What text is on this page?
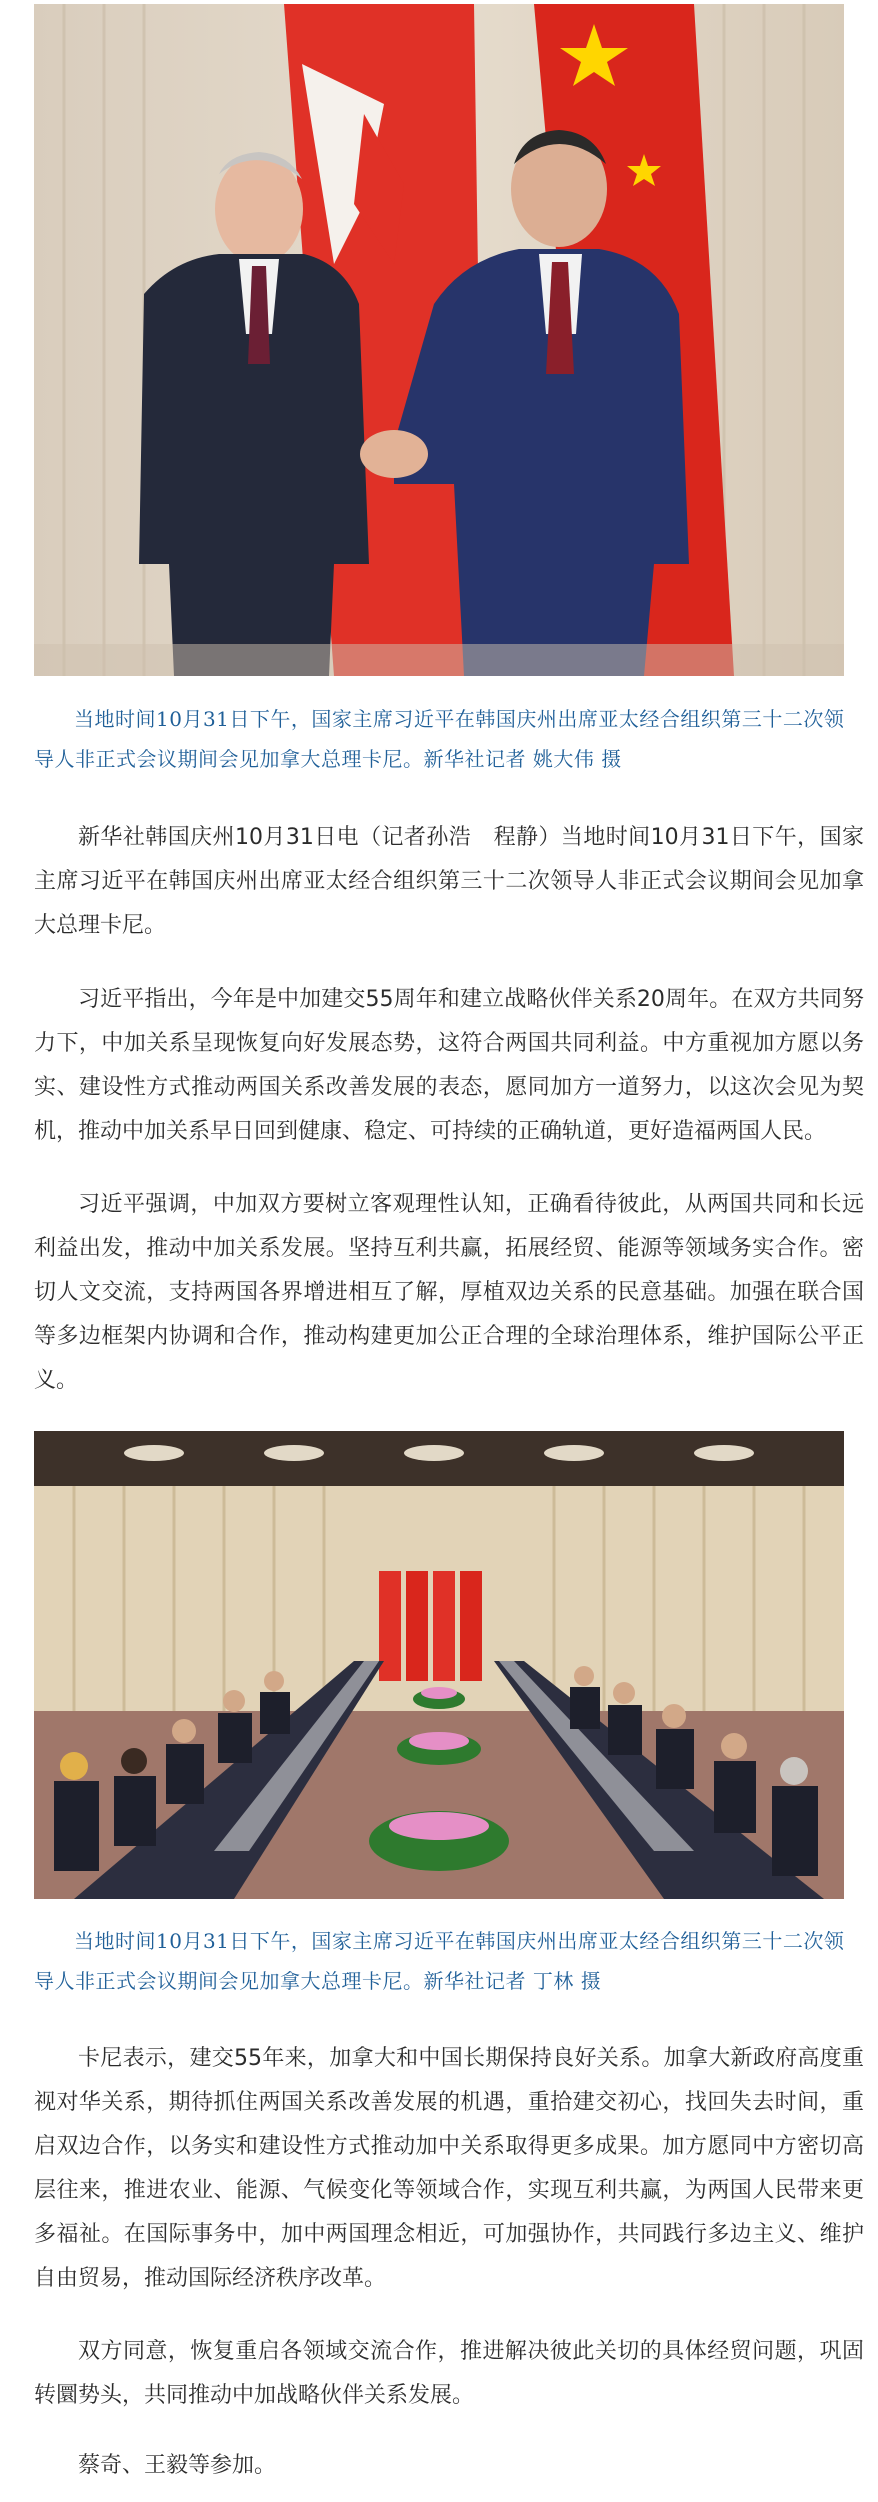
当地时间10月31日下午，国家主席习近平在韩国庆州出席亚太经合组织第三十二次领导人非正式会议期间会见加拿大总理卡尼。新华社记者 姚大伟 摄

新华社韩国庆州10月31日电（记者孙浩　程静）当地时间10月31日下午，国家主席习近平在韩国庆州出席亚太经合组织第三十二次领导人非正式会议期间会见加拿大总理卡尼。

习近平指出，今年是中加建交55周年和建立战略伙伴关系20周年。在双方共同努力下，中加关系呈现恢复向好发展态势，这符合两国共同利益。中方重视加方愿以务实、建设性方式推动两国关系改善发展的表态，愿同加方一道努力，以这次会见为契机，推动中加关系早日回到健康、稳定、可持续的正确轨道，更好造福两国人民。

习近平强调，中加双方要树立客观理性认知，正确看待彼此，从两国共同和长远利益出发，推动中加关系发展。坚持互利共赢，拓展经贸、能源等领域务实合作。密切人文交流，支持两国各界增进相互了解，厚植双边关系的民意基础。加强在联合国等多边框架内协调和合作，推动构建更加公正合理的全球治理体系，维护国际公平正义。

当地时间10月31日下午，国家主席习近平在韩国庆州出席亚太经合组织第三十二次领导人非正式会议期间会见加拿大总理卡尼。新华社记者 丁林 摄

卡尼表示，建交55年来，加拿大和中国长期保持良好关系。加拿大新政府高度重视对华关系，期待抓住两国关系改善发展的机遇，重拾建交初心，找回失去时间，重启双边合作，以务实和建设性方式推动加中关系取得更多成果。加方愿同中方密切高层往来，推进农业、能源、气候变化等领域合作，实现互利共赢，为两国人民带来更多福祉。在国际事务中，加中两国理念相近，可加强协作，共同践行多边主义、维护自由贸易，推动国际经济秩序改革。

双方同意，恢复重启各领域交流合作，推进解决彼此关切的具体经贸问题，巩固转圜势头，共同推动中加战略伙伴关系发展。

蔡奇、王毅等参加。
